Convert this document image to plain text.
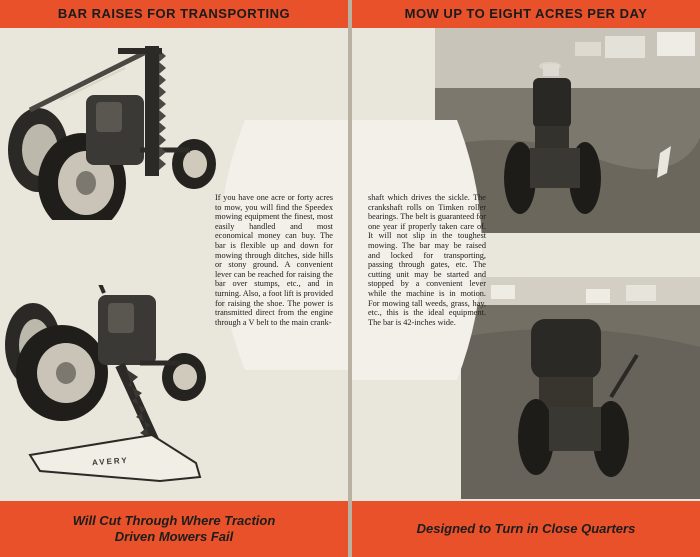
BAR RAISES FOR TRANSPORTING
AVERY
If you have one acre or forty acres to mow, you will find the Speedex mowing equipment the finest, most easily handled and most economical money can buy. The bar is flexible up and down for mowing through ditches, side hills or stony ground. A convenient lever can be reached for raising the bar over stumps, etc., and in turning. Also, a foot lift is provided for raising the shoe. The power is transmitted direct from the engine through a V belt to the main crank-
Will Cut Through Where Traction
Driven Mowers Fail
MOW UP TO EIGHT ACRES PER DAY
shaft which drives the sickle. The crankshaft rolls on Timken roller bearings. The belt is guaranteed for one year if properly taken care of. It will not slip in the toughest mowing. The bar may be raised and locked for transporting, passing through gates, etc. The cutting unit may be started and stopped by a convenient lever while the machine is in motion. For mowing tall weeds, grass, hay, etc., this is the ideal equipment. The bar is 42-inches wide.
Designed to Turn in Close Quarters
